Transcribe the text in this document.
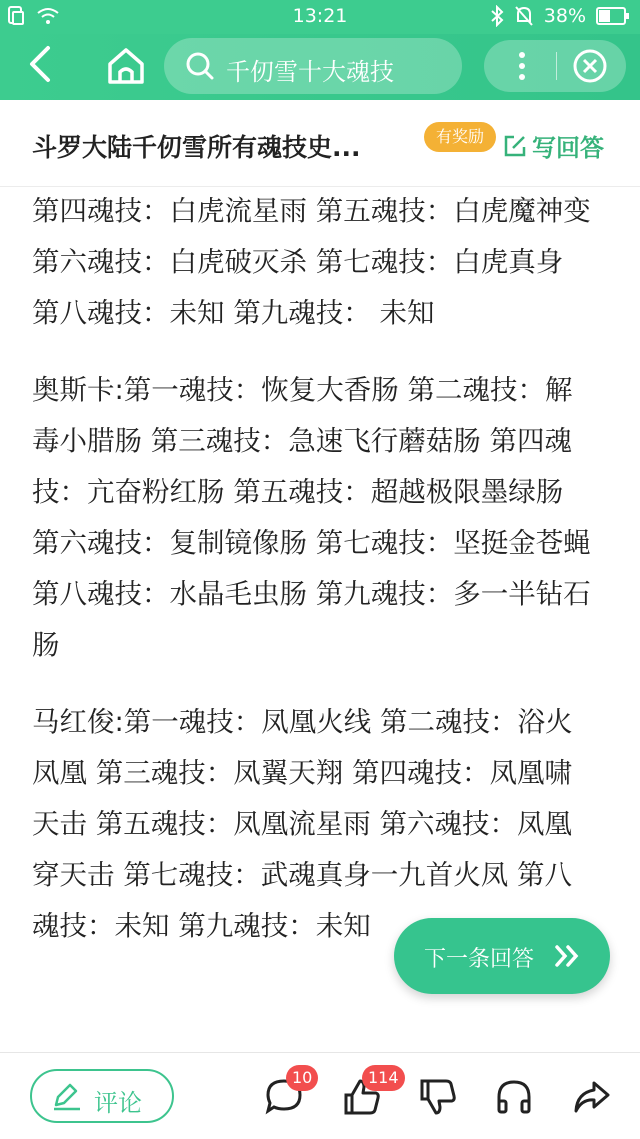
13:21	38%
千仞雪十大魂技
斗罗大陆千仞雪所有魂技史...	有奖励	写回答

第四魂技：白虎流星雨 第五魂技：白虎魔神变 第六魂技：白虎破灭杀 第七魂技：白虎真身 第八魂技：未知 第九魂技： 未知

奥斯卡:第一魂技：恢复大香肠 第二魂技：解毒小腊肠 第三魂技：急速飞行蘑菇肠 第四魂技：亢奋粉红肠 第五魂技：超越极限墨绿肠 第六魂技：复制镜像肠 第七魂技：坚挺金苍蝇 第八魂技：水晶毛虫肠 第九魂技：多一半钻石肠

马红俊:第一魂技：凤凰火线 第二魂技：浴火凤凰 第三魂技：凤翼天翔 第四魂技：凤凰啸天击 第五魂技：凤凰流星雨 第六魂技：凤凰穿天击 第七魂技：武魂真身一九首火凤 第八魂技：未知 第九魂技：未知

下一条回答
评论
10	114
